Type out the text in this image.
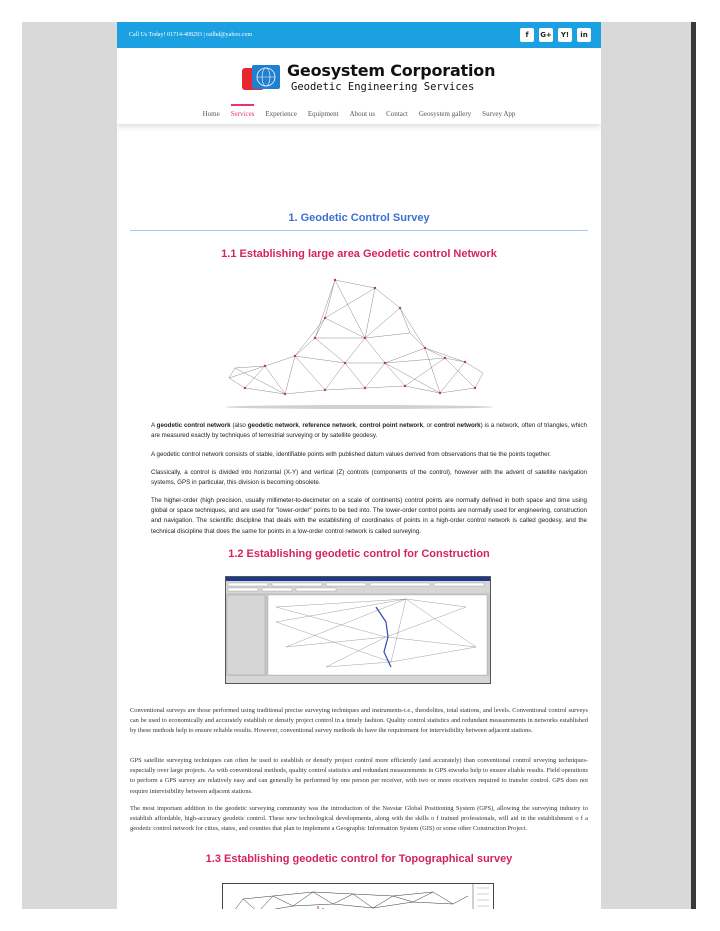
Call Us Today! 01714-408293 | ratlhd@yahoo.com	f	G+	Y!	in
Geosystem Corporation
Geodetic Engineering Services
Home Services Experience Equipment About us Contact Geosystem gallery Survey App
1. Geodetic Control Survey
1.1 Establishing large area Geodetic control Network
A geodetic control network (also geodetic network, reference network, control point network, or control network) is a network, often of triangles, which are measured exactly by techniques of terrestrial surveying or by satellite geodesy.
A geodetic control network consists of stable, identifiable points with published datum values derived from observations that tie the points together.
Classically, a control is divided into horizontal (X-Y) and vertical (Z) controls (components of the control), however with the advent of satellite navigation systems, GPS in particular, this division is becoming obsolete.
The higher-order (high precision, usually millimeter-to-decimeter on a scale of continents) control points are normally defined in both space and time using global or space techniques, and are used for "lower-order" points to be tied into. The lower-order control points are normally used for engineering, construction and navigation. The scientific discipline that deals with the establishing of coordinates of points in a high-order control network is called geodesy, and the technical discipline that does the same for points in a low-order control network is called surveying.
1.2 Establishing geodetic control for Construction
Conventional surveys are those performed using traditional precise surveying techniques and instruments-i.e., theodolites, total stations, and levels. Conventional control surveys can be used to economically and accurately establish or densify project control in a timely fashion. Quality control statistics and redundant measurements in networks established by these methods help to ensure reliable results. However, conventional survey methods do have the requirement for intervisibility between adjacent stations.
GPS satellite surveying techniques can often be used to establish or densify project control more efficiently (and accurately) than conventional control urveying techniques- especially over large projects. As with conventional methods, quality control statistics and redundant measurements in GPS etworks help to ensure eliable results. Field operations to perform a GPS survey are relatively easy and can generally be performed by one person per receiver, with two or more receivers required to transfer control. GPS does not require intervisibility between adjacent stations.
The most important addition to the geodetic surveying community was the introduction of the Navstar Global Positioning System (GPS), allowing the surveying industry to establish affordable, high-accuracy geodetic control. These new technological developments, along with the skills o f trained professionals, will aid in the establishment o f a geodetic control network for cities, states, and counties that plan to implement a Geographic Information System (GIS) or some other Construction Project.
1.3 Establishing geodetic control for Topographical survey
